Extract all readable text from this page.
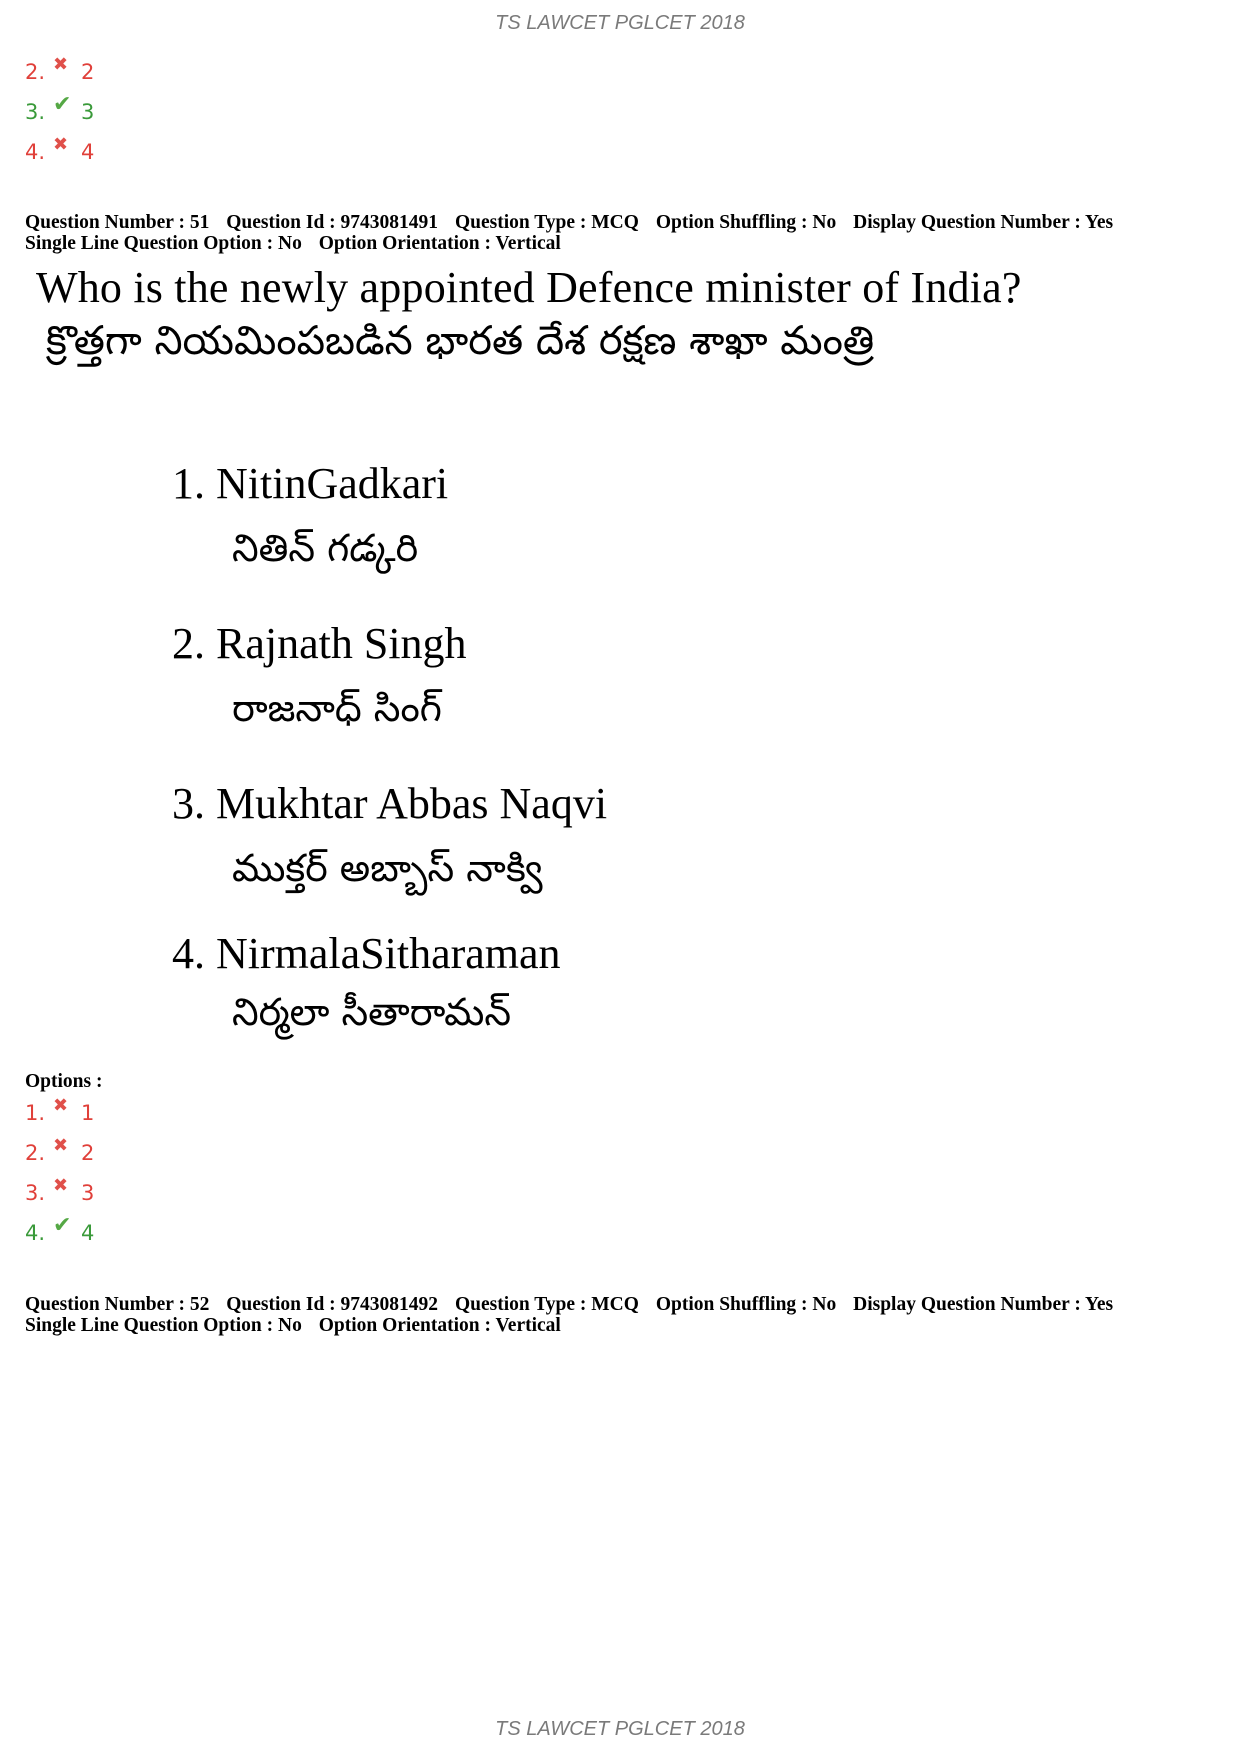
TS LAWCET PGLCET 2018
2. ✖ 2
3. ✔ 3
4. ✖ 4
Question Number : 51 Question Id : 9743081491 Question Type : MCQ Option Shuffling : No Display Question Number : Yes
Single Line Question Option : No Option Orientation : Vertical
Who is the newly appointed Defence minister of India?
క్రొత్తగా నియమింపబడిన భారత దేశ రక్షణ శాఖా మంత్రి
1. NitinGadkari
నితిన్ గడ్కరి
2. Rajnath Singh
రాజనాధ్ సింగ్
3. Mukhtar Abbas Naqvi
ముక్తర్ అబ్బాస్ నాక్వి
4. NirmalaSitharaman
నిర్మలా సీతారామన్
Options :
1. ✖ 1
2. ✖ 2
3. ✖ 3
4. ✔ 4
Question Number : 52 Question Id : 9743081492 Question Type : MCQ Option Shuffling : No Display Question Number : Yes
Single Line Question Option : No Option Orientation : Vertical
TS LAWCET PGLCET 2018
